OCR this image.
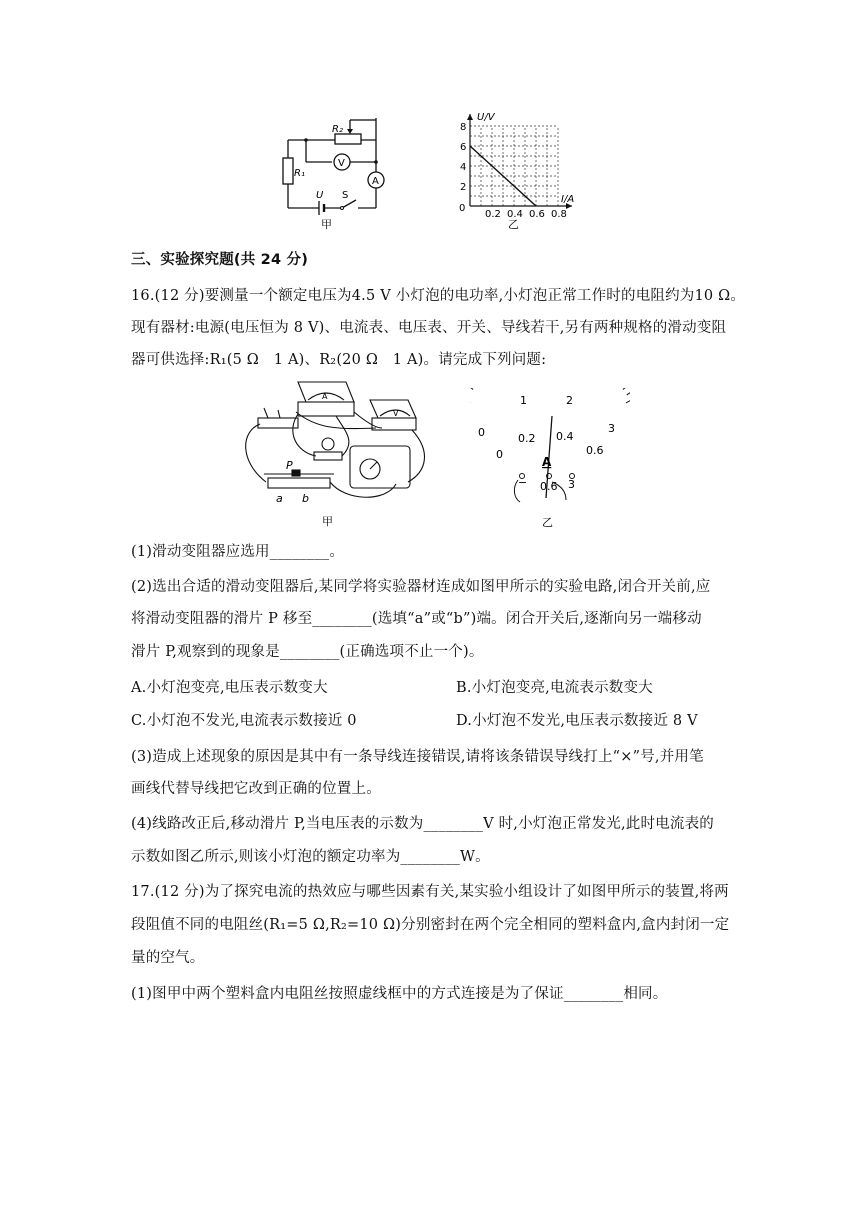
R₂
V
A
R₁
U S
甲
0.2 0.4 0.6 0.8
2
4
6
8
U/V
I/A
0
乙
三、实验探究题(共 24 分)
16.(12 分)要测量一个额定电压为4.5 V 小灯泡的电功率,小灯泡正常工作时的电阻约为10 Ω。
现有器材:电源(电压恒为 8 V)、电流表、电压表、开关、导线若干,另有两种规格的滑动变阻
器可供选择:R₁(5 Ω　1 A)、R₂(20 Ω　1 A)。请完成下列问题:
A
V
P
a b
甲
0
1	2
3
0
0.2 0.4
0.6
A
− 0.6 3
乙
(1)滑动变阻器应选用________。
(2)选出合适的滑动变阻器后,某同学将实验器材连成如图甲所示的实验电路,闭合开关前,应
将滑动变阻器的滑片 P 移至________(选填“a”或“b”)端。闭合开关后,逐渐向另一端移动
滑片 P,观察到的现象是________(正确选项不止一个)。
A.小灯泡变亮,电压表示数变大	B.小灯泡变亮,电流表示数变大
C.小灯泡不发光,电流表示数接近 0	D.小灯泡不发光,电压表示数接近 8 V
(3)造成上述现象的原因是其中有一条导线连接错误,请将该条错误导线打上“×”号,并用笔
画线代替导线把它改到正确的位置上。
(4)线路改正后,移动滑片 P,当电压表的示数为________V 时,小灯泡正常发光,此时电流表的
示数如图乙所示,则该小灯泡的额定功率为________W。
17.(12 分)为了探究电流的热效应与哪些因素有关,某实验小组设计了如图甲所示的装置,将两
段阻值不同的电阻丝(R₁=5 Ω,R₂=10 Ω)分别密封在两个完全相同的塑料盒内,盒内封闭一定
量的空气。
(1)图甲中两个塑料盒内电阻丝按照虚线框中的方式连接是为了保证________相同。
